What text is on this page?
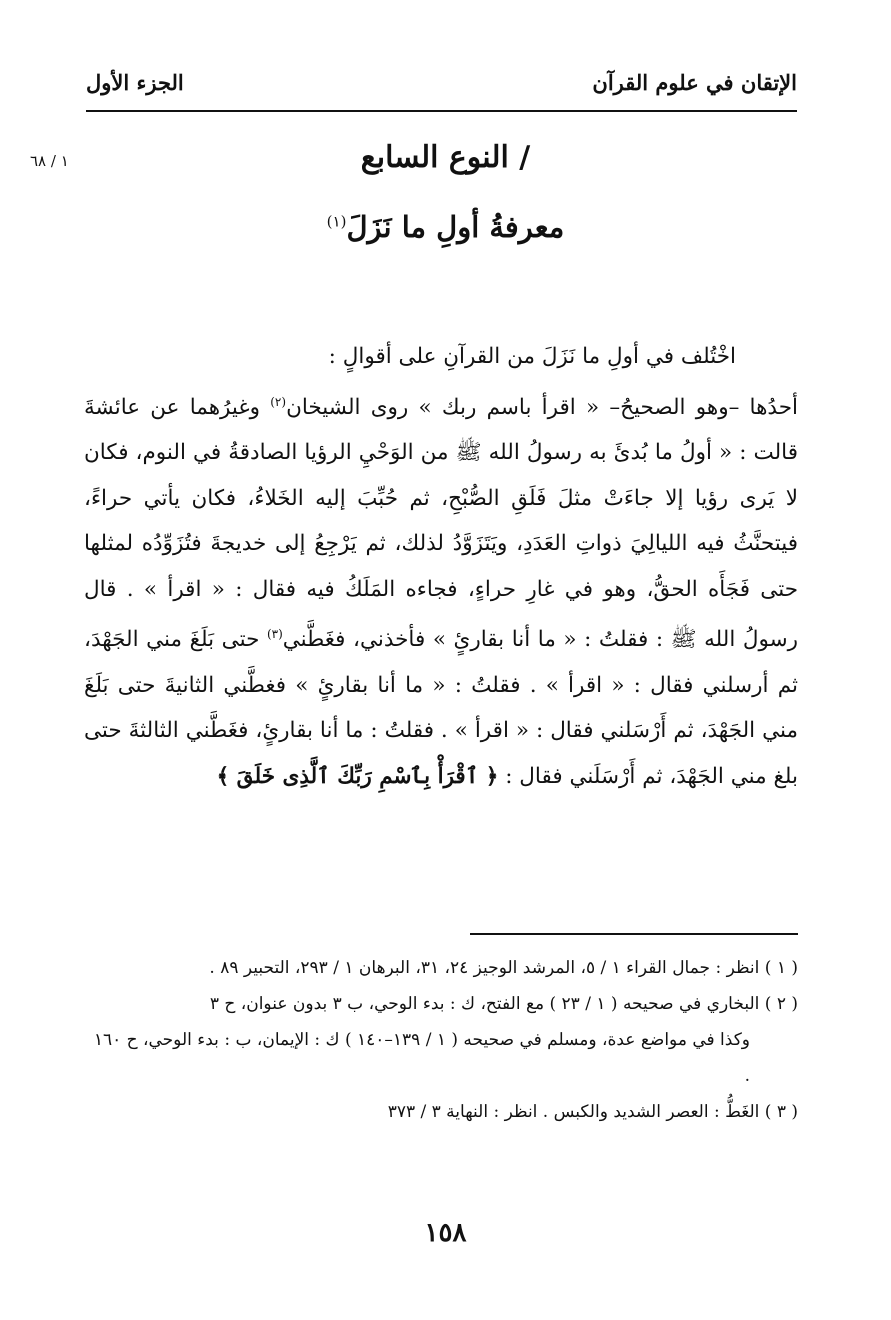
الإتقان في علوم القرآن
الجزء الأول
١ / ٦٨	/ النوع السابع
معرفةُ أولِ ما نَزَلَ$^{(١)}$

اخْتُلف في أولِ ما نَزَلَ من القرآنِ على أقوالٍ :

أحدُها –وهو الصحيحُ– « اقرأ باسم ربك » روى الشيخان$^{(٢)}$ وغيرُهما عن عائشةَ قالت : « أولُ ما بُدئَ به رسولُ الله ﷺ من الوَحْيِ الرؤيا الصادقةُ في النوم، فكان لا يَرى رؤيا إلا جاءَتْ مثلَ فَلَقِ الصُّبْحِ، ثم حُبِّبَ إليه الخَلاءُ، فكان يأتي حراءً، فيتحنَّثُ فيه الليالِيَ ذواتِ العَدَدِ، ويَتَزَوَّدُ لذلك، ثم يَرْجِعُ إلى خديجةَ فتُزَوِّدُه لمثلها حتى فَجَأَه الحقُّ، وهو في غارِ حراءٍ، فجاءه المَلَكُ فيه فقال : « اقرأ » . قال رسولُ الله ﷺ : فقلتُ : « ما أنا بقارئٍ » فأخذني، فغَطَّني$^{(٣)}$ حتى بَلَغَ مني الجَهْدَ، ثم أرسلني فقال : « اقرأ » . فقلتُ : « ما أنا بقارئٍ » فغطَّني الثانيةَ حتى بَلَغَ مني الجَهْدَ، ثم أَرْسَلني فقال : « اقرأ » . فقلتُ : ما أنا بقارئٍ، فغَطَّني الثالثةَ حتى بلغ مني الجَهْدَ، ثم أَرْسَلَني فقال : ﴿ ٱقْرَأْ بِٱسْمِ رَبِّكَ ٱلَّذِى خَلَقَ ﴾

( ١ ) انظر : جمال القراء ١ / ٥، المرشد الوجيز ٢٤، ٣١، البرهان ١ / ٢٩٣، التحبير ٨٩ .

( ٢ ) البخاري في صحيحه ( ١ / ٢٣ ) مع الفتح، ك : بدء الوحي، ب ٣ بدون عنوان، ح ٣

وكذا في مواضع عدة، ومسلم في صحيحه ( ١ / ١٣٩–١٤٠ ) ك : الإيمان، ب : بدء الوحي، ح ١٦٠ .

( ٣ ) الغَطُّ : العصر الشديد والكبس . انظر : النهاية ٣ / ٣٧٣

١٥٨
